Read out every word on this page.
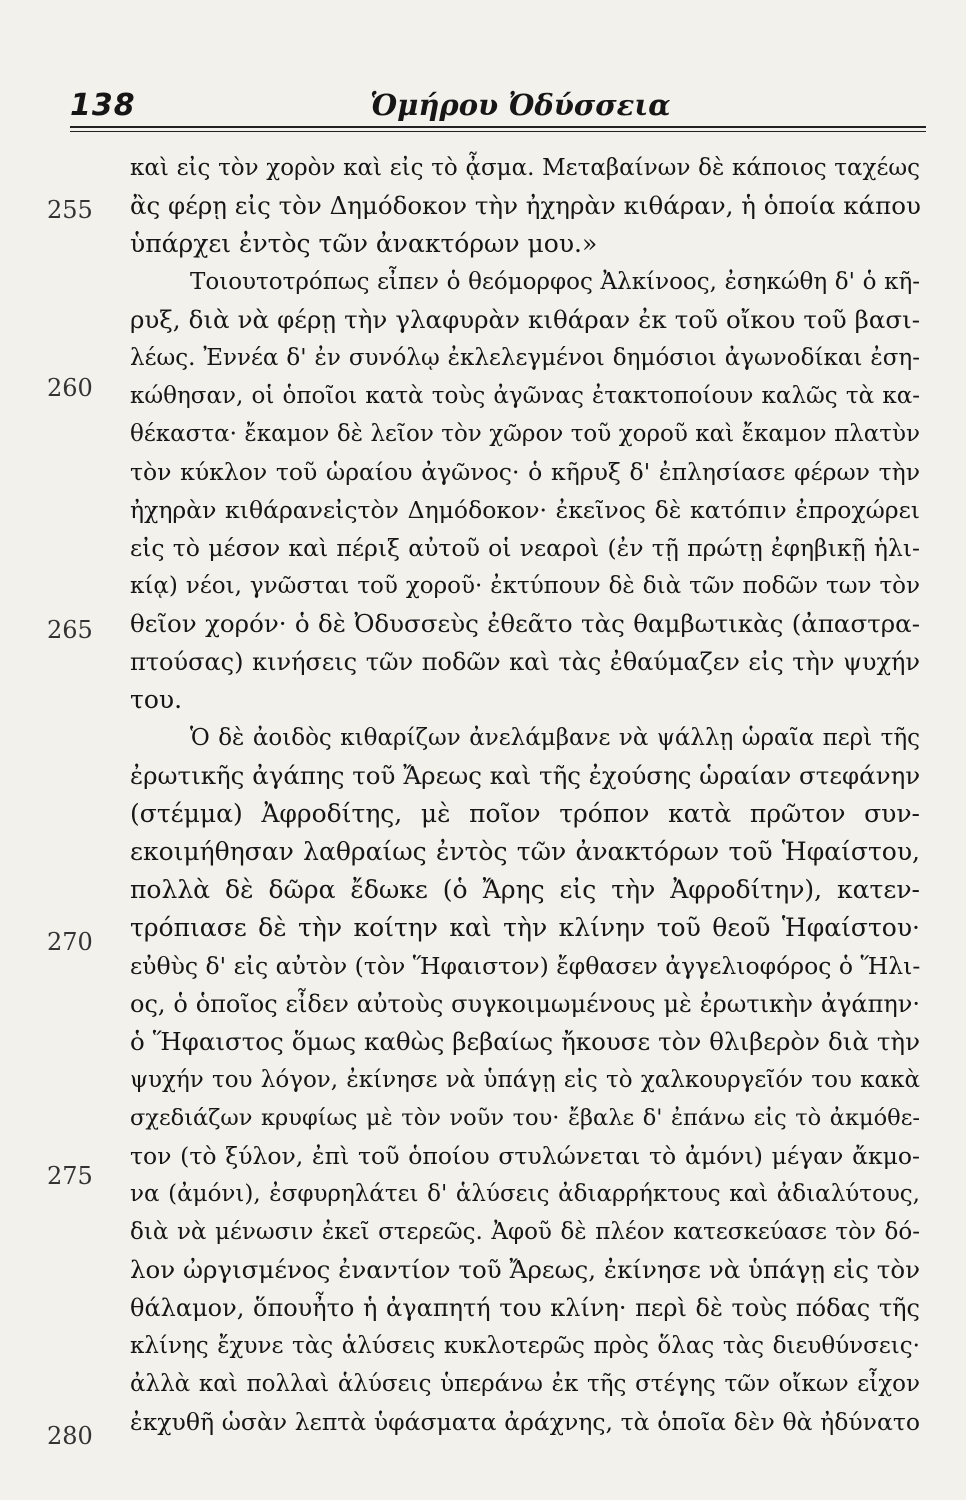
138	Ὁμήρου Ὀδύσσεια
255
260
265
270
275
280
καὶ εἰς τὸν χορὸν καὶ εἰς τὸ ᾆσμα. Μεταβαίνων δὲ κάποιος ταχέως
ἂς φέρῃ εἰς τὸν Δημόδοκον τὴν ἠχηρὰν κιθάραν, ἡ ὁποία κάπου
ὑπάρχει ἐντὸς τῶν ἀνακτόρων μου.»
Τοιουτοτρόπως εἶπεν ὁ θεόμορφος Ἀλκίνοος, ἐσηκώθη δ' ὁ κῆ-
ρυξ, διὰ νὰ φέρῃ τὴν γλαφυρὰν κιθάραν ἐκ τοῦ οἴκου τοῦ βασι-
λέως. Ἐννέα δ' ἐν συνόλῳ ἐκλελεγμένοι δημόσιοι ἀγωνοδίκαι ἐση-
κώθησαν, οἱ ὁποῖοι κατὰ τοὺς ἀγῶνας ἐτακτοποίουν καλῶς τὰ κα-
θέκαστα· ἔκαμον δὲ λεῖον τὸν χῶρον τοῦ χοροῦ καὶ ἔκαμον πλατὺν
τὸν κύκλον τοῦ ὡραίου ἀγῶνος· ὁ κῆρυξ δ' ἐπλησίασε φέρων τὴν
ἠχηρὰν κιθάρανεἰςτὸν Δημόδοκον· ἐκεῖνος δὲ κατόπιν ἐπροχώρει
εἰς τὸ μέσον καὶ πέριξ αὐτοῦ οἱ νεαροὶ (ἐν τῇ πρώτῃ ἐφηβικῇ ἡλι-
κίᾳ) νέοι, γνῶσται τοῦ χοροῦ· ἐκτύπουν δὲ διὰ τῶν ποδῶν των τὸν
θεῖον χορόν· ὁ δὲ Ὀδυσσεὺς ἐθεᾶτο τὰς θαμβωτικὰς (ἀπαστρα-
πτούσας) κινήσεις τῶν ποδῶν καὶ τὰς ἐθαύμαζεν εἰς τὴν ψυχήν
του.
Ὁ δὲ ἀοιδὸς κιθαρίζων ἀνελάμβανε νὰ ψάλλῃ ὡραῖα περὶ τῆς
ἐρωτικῆς ἀγάπης τοῦ Ἄρεως καὶ τῆς ἐχούσης ὡραίαν στεφάνην
(στέμμα) Ἀφροδίτης, μὲ ποῖον τρόπον κατὰ πρῶτον συν-
εκοιμήθησαν λαθραίως ἐντὸς τῶν ἀνακτόρων τοῦ Ἡφαίστου,
πολλὰ δὲ δῶρα ἔδωκε (ὁ Ἄρης εἰς τὴν Ἀφροδίτην), κατεν-
τρόπιασε δὲ τὴν κοίτην καὶ τὴν κλίνην τοῦ θεοῦ Ἡφαίστου·
εὐθὺς δ' εἰς αὐτὸν (τὸν Ἥφαιστον) ἔφθασεν ἀγγελιοφόρος ὁ Ἥλι-
ος, ὁ ὁποῖος εἶδεν αὐτοὺς συγκοιμωμένους μὲ ἐρωτικὴν ἀγάπην·
ὁ Ἥφαιστος ὅμως καθὼς βεβαίως ἤκουσε τὸν θλιβερὸν διὰ τὴν
ψυχήν του λόγον, ἐκίνησε νὰ ὑπάγῃ εἰς τὸ χαλκουργεῖόν του κακὰ
σχεδιάζων κρυφίως μὲ τὸν νοῦν του· ἔβαλε δ' ἐπάνω εἰς τὸ ἀκμόθε-
τον (τὸ ξύλον, ἐπὶ τοῦ ὁποίου στυλώνεται τὸ ἀμόνι) μέγαν ἄκμο-
να (ἀμόνι), ἐσφυρηλάτει δ' ἁλύσεις ἀδιαρρήκτους καὶ ἀδιαλύτους,
διὰ νὰ μένωσιν ἐκεῖ στερεῶς. Ἀφοῦ δὲ πλέον κατεσκεύασε τὸν δό-
λον ὠργισμένος ἐναντίον τοῦ Ἄρεως, ἐκίνησε νὰ ὑπάγῃ εἰς τὸν
θάλαμον, ὅπουἦτο ἡ ἀγαπητή του κλίνη· περὶ δὲ τοὺς πόδας τῆς
κλίνης ἔχυνε τὰς ἁλύσεις κυκλοτερῶς πρὸς ὅλας τὰς διευθύνσεις·
ἀλλὰ καὶ πολλαὶ ἁλύσεις ὑπεράνω ἐκ τῆς στέγης τῶν οἴκων εἶχον
ἐκχυθῆ ὡσὰν λεπτὰ ὑφάσματα ἀράχνης, τὰ ὁποῖα δὲν θὰ ἠδύνατο
